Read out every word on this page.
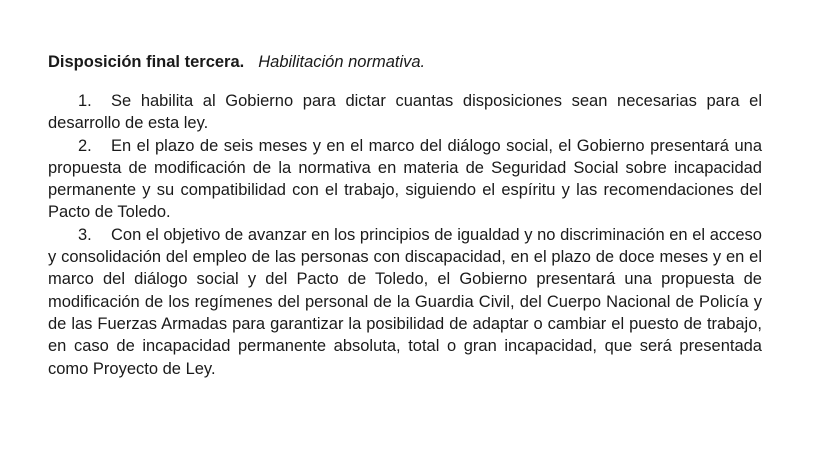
Disposición final tercera. Habilitación normativa.

1. Se habilita al Gobierno para dictar cuantas disposiciones sean necesarias para el desarrollo de esta ley.

2. En el plazo de seis meses y en el marco del diálogo social, el Gobierno presentará una propuesta de modificación de la normativa en materia de Seguridad Social sobre incapacidad permanente y su compatibilidad con el trabajo, siguiendo el espíritu y las recomendaciones del Pacto de Toledo.

3. Con el objetivo de avanzar en los principios de igualdad y no discriminación en el acceso y consolidación del empleo de las personas con discapacidad, en el plazo de doce meses y en el marco del diálogo social y del Pacto de Toledo, el Gobierno presentará una propuesta de modificación de los regímenes del personal de la Guardia Civil, del Cuerpo Nacional de Policía y de las Fuerzas Armadas para garantizar la posibilidad de adaptar o cambiar el puesto de trabajo, en caso de incapacidad permanente absoluta, total o gran incapacidad, que será presentada como Proyecto de Ley.
